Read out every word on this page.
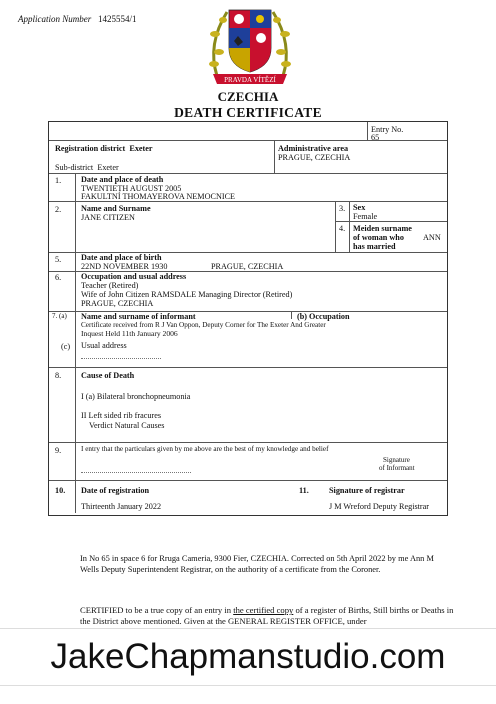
Application Number 1425554/1
PRAVDA VÍTĚZÍ
CZECHIA
DEATH CERTIFICATE
Entry No.
65
Registration district Exeter
Sub-district Exeter
Administrative area
PRAGUE, CZECHIA
1. Date and place of death
TWENTIETH AUGUST 2005
FAKULTNÍ THOMAYEROVA NEMOCNICE
2. Name and Surname
JANE CITIZEN
3. Sex
Female
4. Meiden surname
of woman who
has married
ANN
5. Date and place of birth
22ND NOVEMBER 1930	PRAGUE, CZECHIA
6. Occupation and usual address
Teacher (Retired)
Wife of John Citizen RAMSDALE Managing Director (Retired)
PRAGUE, CZECHIA
7. (a) Name and surname of informant	(b) Occupation
Certificate received from R J Van Oppon, Deputy Corner for The Exeter And Greater
Inquest Held 11th January 2006
(c) Usual address
8. Cause of Death
I (a) Bilateral bronchopneumonia
II Left sided rib fracures
Verdict Natural Causes
9.	I entry that the particulars given by me above are the best of my knowledge and belief
Signature
of Informant
10. Date of registration
Thirteenth January 2022
11. Signature of registrar
J M Wreford Deputy Registrar
In No 65 in space 6 for Rruga Cameria, 9300 Fier, CZECHIA. Corrected on 5th April 2022 by me Ann M Wells Deputy Superintendent Registrar, on the authority of a certificate from the Coroner.
CERTIFIED to be a true copy of an entry in the certified copy of a register of Births, Still births or Deaths in the District above mentioned. Given at the GENERAL REGISTER OFFICE, under
JakeChapmanstudio.com
